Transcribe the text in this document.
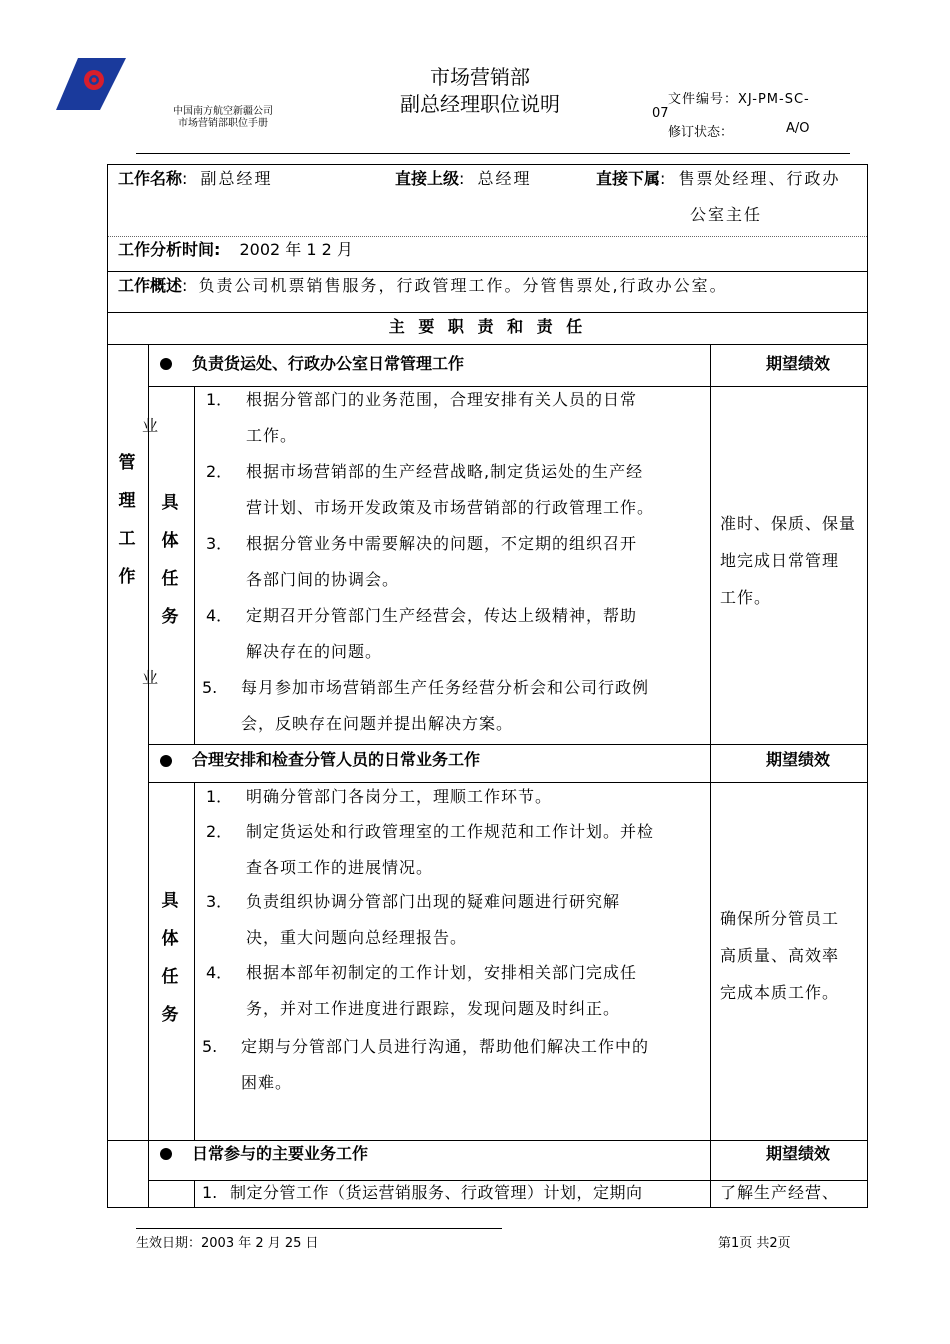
中国南方航空新疆公司
市场营销部职位手册
市场营销部
副总经理职位说明	文件编号：XJ-PM-SC-
07
修订状态：	A/O
工作名称: 副总经理	直接上级: 总经理	直接下属: 售票处经理、行政办
公室主任
工作分析时间: 2002 年 1 2 月
工作概述: 负责公司机票销售服务，行政管理工作。分管售票处,行政办公室。
主 要 职 责 和 责 任
管
理
工
作
业
业
负责货运处、行政办公室日常管理工作	期望绩效
具
体
任
务
1． 根据分管部门的业务范围，合理安排有关人员的日常
工作。
2． 根据市场营销部的生产经营战略,制定货运处的生产经
营计划、市场开发政策及市场营销部的行政管理工作。
3． 根据分管业务中需要解决的问题，不定期的组织召开
各部门间的协调会。
4． 定期召开分管部门生产经营会，传达上级精神，帮助
解决存在的问题。
5.	每月参加市场营销部生产任务经营分析会和公司行政例
会，反映存在问题并提出解决方案。
准时、保质、保量
地完成日常管理
工作。
合理安排和检查分管人员的日常业务工作	期望绩效
具
体
任
务
1． 明确分管部门各岗分工，理顺工作环节。
2． 制定货运处和行政管理室的工作规范和工作计划。并检
查各项工作的进展情况。
3． 负责组织协调分管部门出现的疑难问题进行研究解
决，重大问题向总经理报告。
4． 根据本部年初制定的工作计划，安排相关部门完成任
务，并对工作进度进行跟踪，发现问题及时纠正。
5.	定期与分管部门人员进行沟通，帮助他们解决工作中的
困难。
确保所分管员工
高质量、高效率
完成本质工作。
日常参与的主要业务工作	期望绩效
1. 制定分管工作（货运营销服务、行政管理）计划，定期向	了解生产经营、
生效日期：2003 年 2 月 25 日	第1页 共2页
